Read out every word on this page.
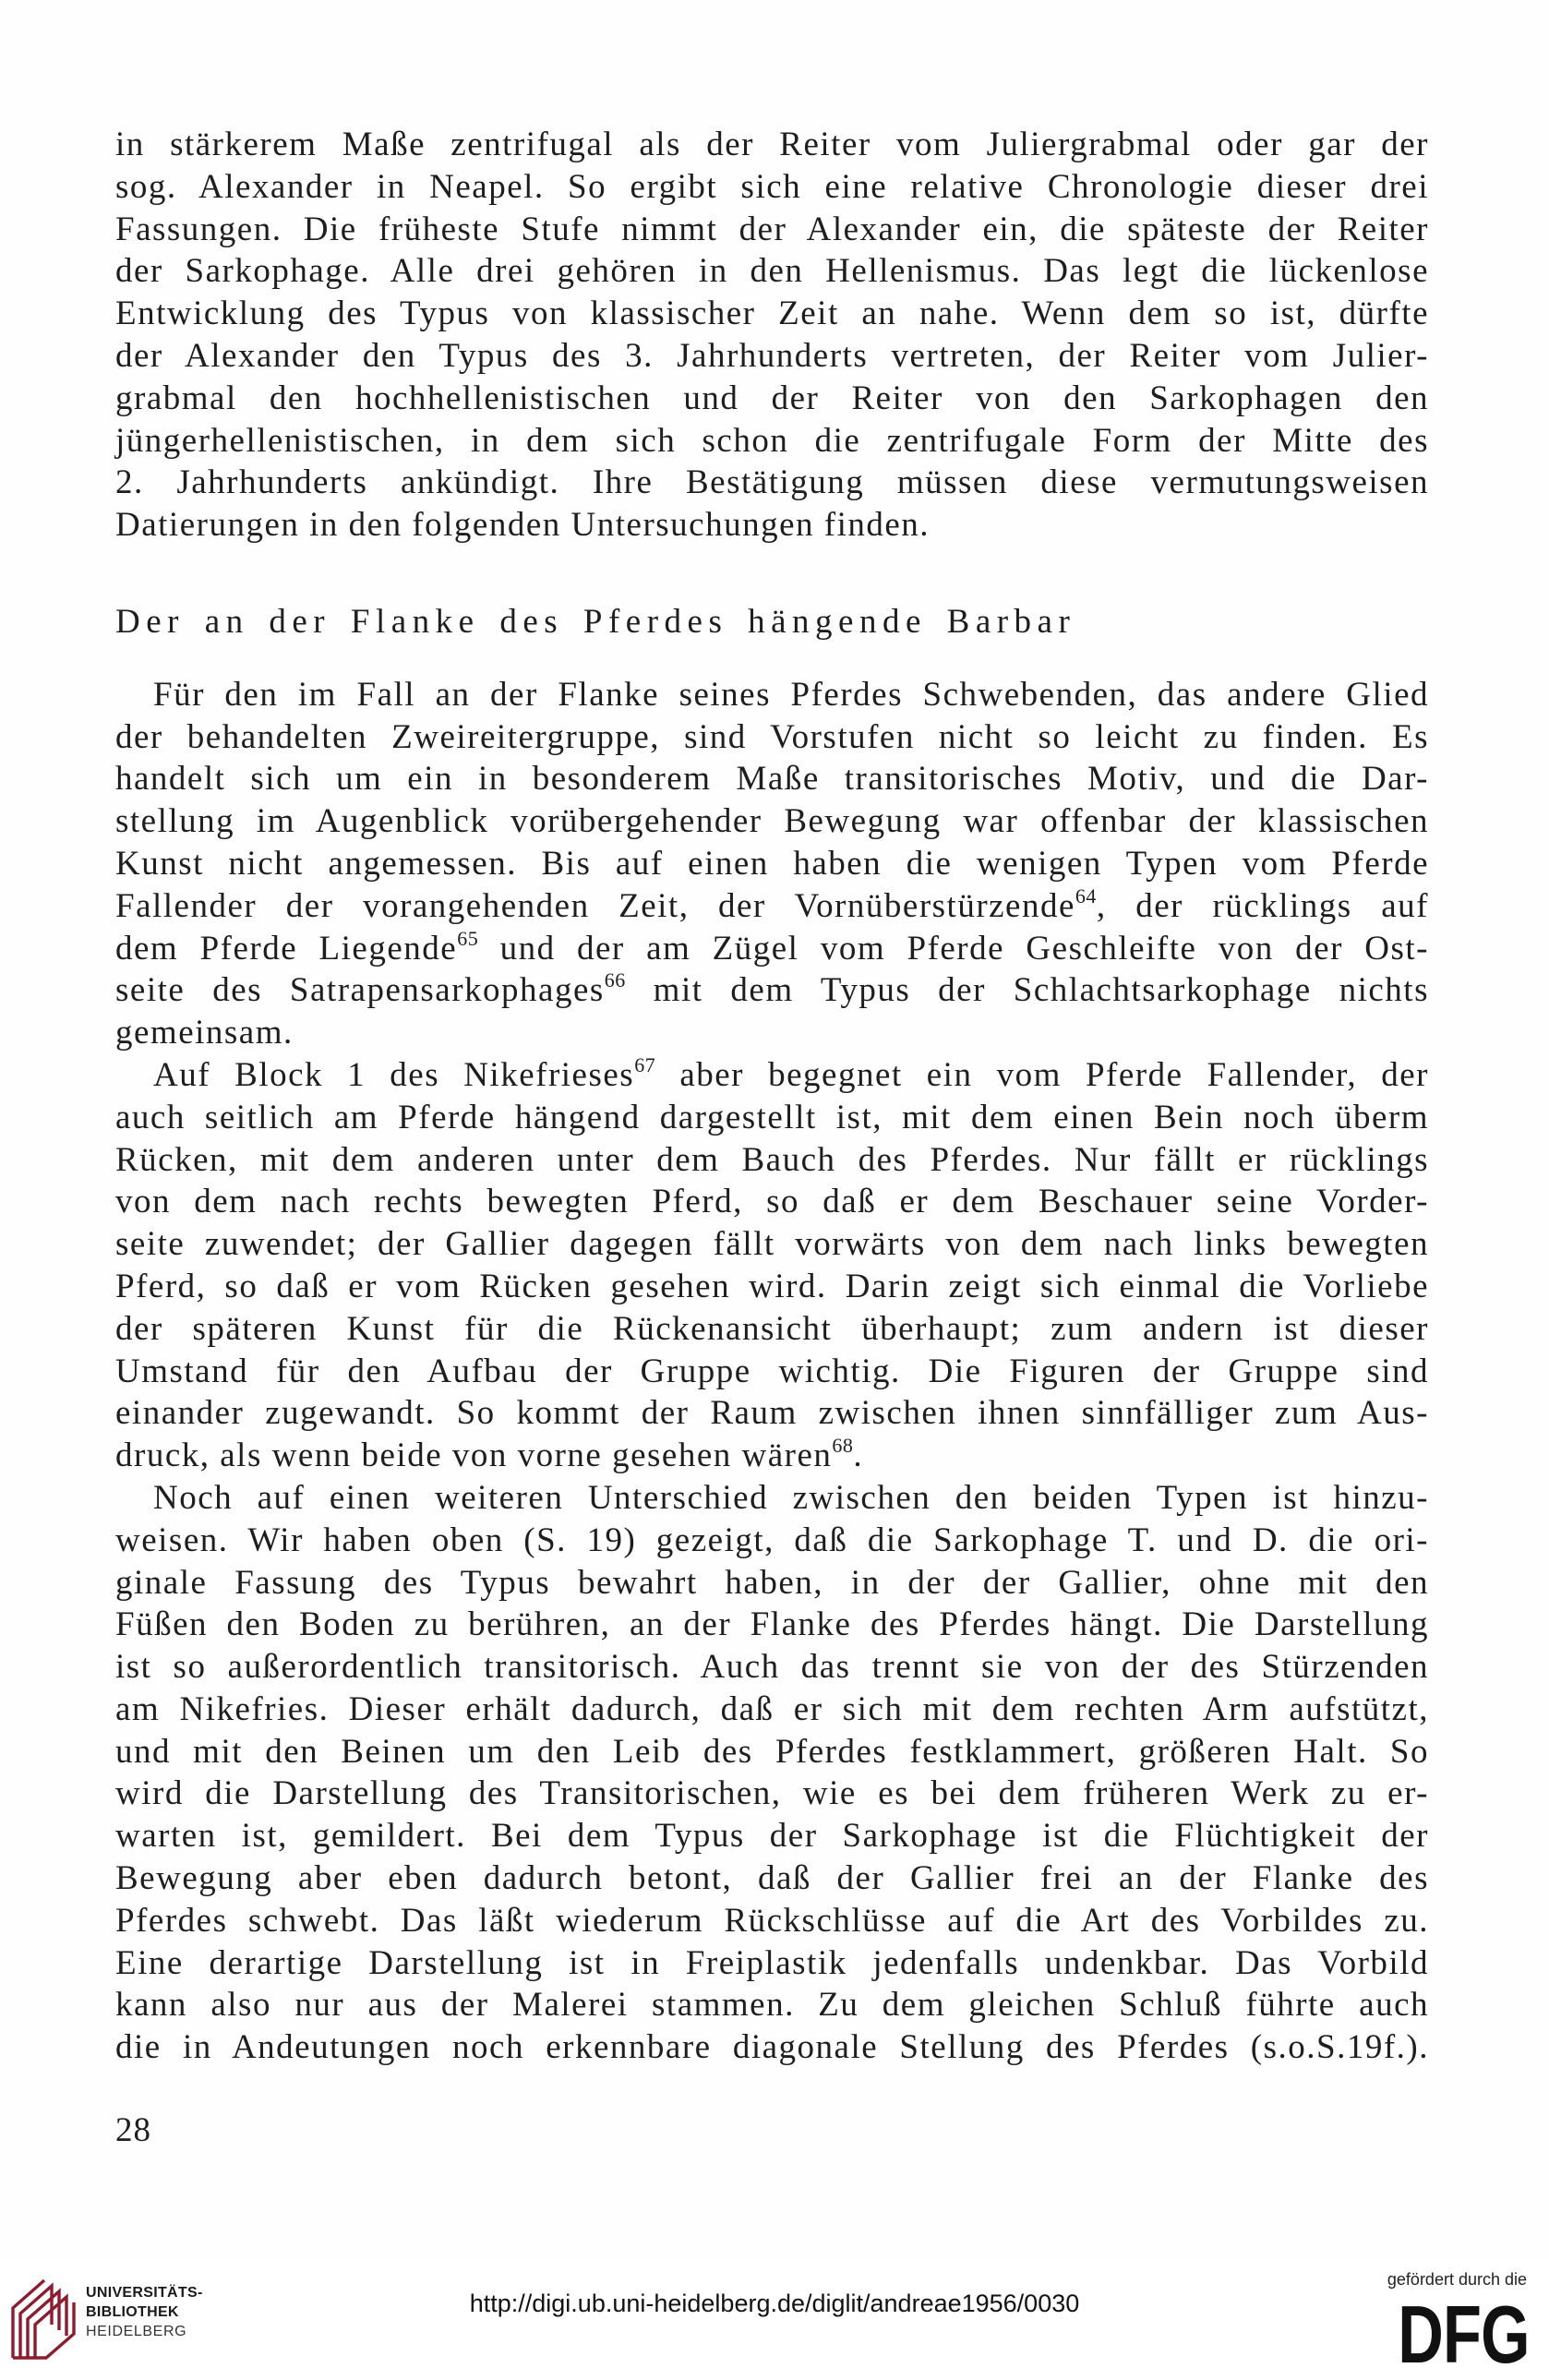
in stärkerem Maße zentrifugal als der Reiter vom Juliergrabmal oder gar der
sog. Alexander in Neapel. So ergibt sich eine relative Chronologie dieser drei
Fassungen. Die früheste Stufe nimmt der Alexander ein, die späteste der Reiter
der Sarkophage. Alle drei gehören in den Hellenismus. Das legt die lückenlose
Entwicklung des Typus von klassischer Zeit an nahe. Wenn dem so ist, dürfte
der Alexander den Typus des 3. Jahrhunderts vertreten, der Reiter vom Julier-
grabmal den hochhellenistischen und der Reiter von den Sarkophagen den
jüngerhellenistischen, in dem sich schon die zentrifugale Form der Mitte des
2. Jahrhunderts ankündigt. Ihre Bestätigung müssen diese vermutungsweisen
Datierungen in den folgenden Untersuchungen finden.
Der an der Flanke des Pferdes hängende Barbar
Für den im Fall an der Flanke seines Pferdes Schwebenden, das andere Glied
der behandelten Zweireitergruppe, sind Vorstufen nicht so leicht zu finden. Es
handelt sich um ein in besonderem Maße transitorisches Motiv, und die Dar-
stellung im Augenblick vorübergehender Bewegung war offenbar der klassischen
Kunst nicht angemessen. Bis auf einen haben die wenigen Typen vom Pferde
Fallender der vorangehenden Zeit, der Vornüberstürzende$^{64}$, der rücklings auf
dem Pferde Liegende$^{65}$ und der am Zügel vom Pferde Geschleifte von der Ost-
seite des Satrapensarkophages$^{66}$ mit dem Typus der Schlachtsarkophage nichts
gemeinsam.
Auf Block 1 des Nikefrieses$^{67}$ aber begegnet ein vom Pferde Fallender, der
auch seitlich am Pferde hängend dargestellt ist, mit dem einen Bein noch überm
Rücken, mit dem anderen unter dem Bauch des Pferdes. Nur fällt er rücklings
von dem nach rechts bewegten Pferd, so daß er dem Beschauer seine Vorder-
seite zuwendet; der Gallier dagegen fällt vorwärts von dem nach links bewegten
Pferd, so daß er vom Rücken gesehen wird. Darin zeigt sich einmal die Vorliebe
der späteren Kunst für die Rückenansicht überhaupt; zum andern ist dieser
Umstand für den Aufbau der Gruppe wichtig. Die Figuren der Gruppe sind
einander zugewandt. So kommt der Raum zwischen ihnen sinnfälliger zum Aus-
druck, als wenn beide von vorne gesehen wären$^{68}$.
Noch auf einen weiteren Unterschied zwischen den beiden Typen ist hinzu-
weisen. Wir haben oben (S. 19) gezeigt, daß die Sarkophage T. und D. die ori-
ginale Fassung des Typus bewahrt haben, in der der Gallier, ohne mit den
Füßen den Boden zu berühren, an der Flanke des Pferdes hängt. Die Darstellung
ist so außerordentlich transitorisch. Auch das trennt sie von der des Stürzenden
am Nikefries. Dieser erhält dadurch, daß er sich mit dem rechten Arm aufstützt,
und mit den Beinen um den Leib des Pferdes festklammert, größeren Halt. So
wird die Darstellung des Transitorischen, wie es bei dem früheren Werk zu er-
warten ist, gemildert. Bei dem Typus der Sarkophage ist die Flüchtigkeit der
Bewegung aber eben dadurch betont, daß der Gallier frei an der Flanke des
Pferdes schwebt. Das läßt wiederum Rückschlüsse auf die Art des Vorbildes zu.
Eine derartige Darstellung ist in Freiplastik jedenfalls undenkbar. Das Vorbild
kann also nur aus der Malerei stammen. Zu dem gleichen Schluß führte auch
die in Andeutungen noch erkennbare diagonale Stellung des Pferdes (s.o.S.19f.).
28
UNIVERSITÄTS-
BIBLIOTHEK
HEIDELBERG
http://digi.ub.uni-heidelberg.de/diglit/andreae1956/0030
gefördert durch die
DFG
